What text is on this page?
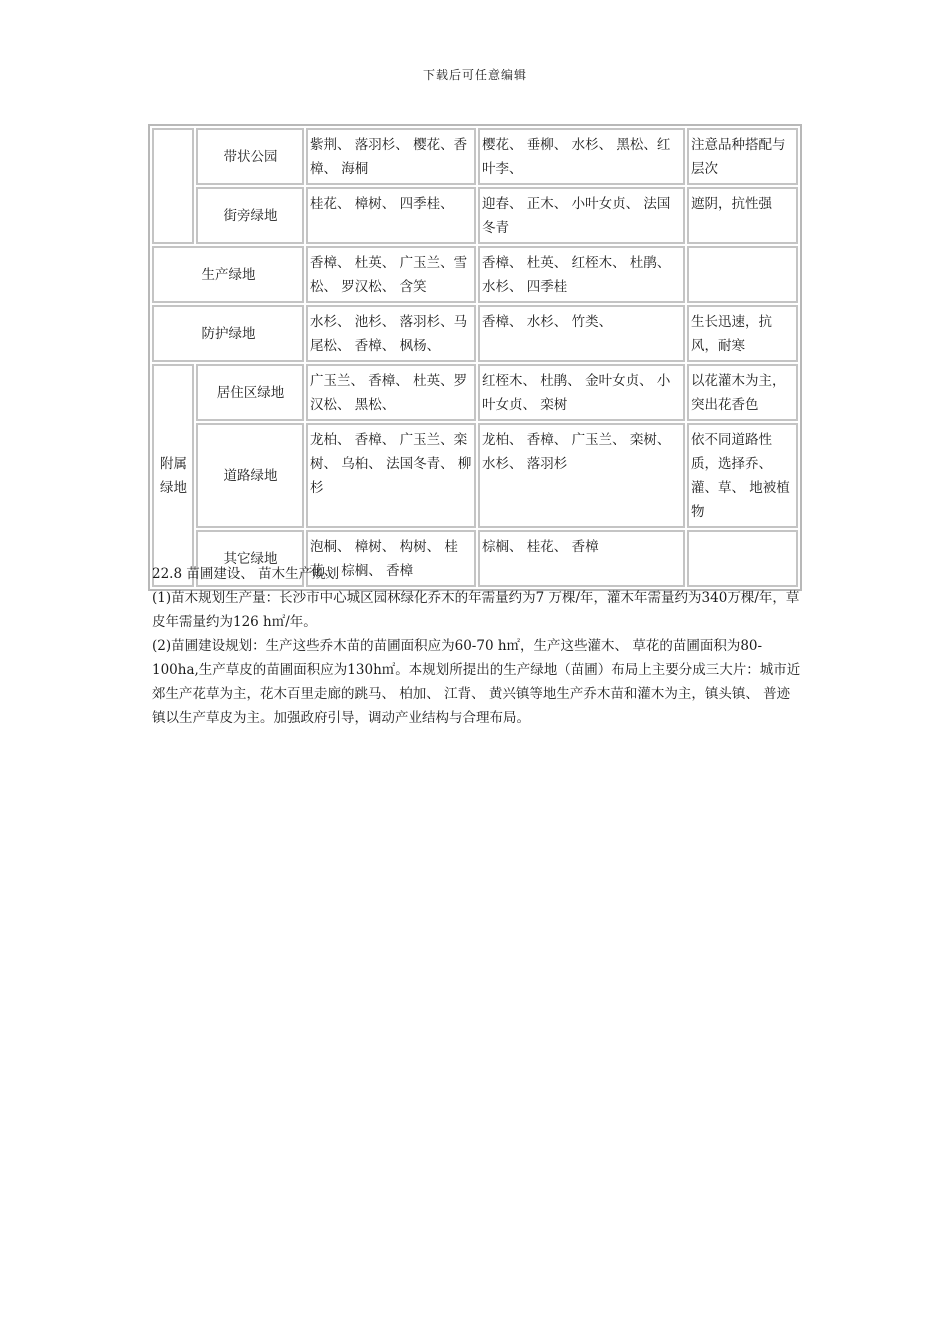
下载后可任意编辑
	带状公园	紫荆、 落羽杉、 樱花、香樟、 海桐	樱花、 垂柳、 水杉、 黑松、红叶李、	注意品种搭配与层次
	街旁绿地	桂花、 樟树、 四季桂、	迎春、 正木、 小叶女贞、 法国冬青	遮阴，抗性强
生产绿地		香樟、 杜英、 广玉兰、雪松、 罗汉松、 含笑	香樟、 杜英、 红桎木、 杜鹃、水杉、 四季桂	
防护绿地		水杉、 池杉、 落羽杉、马尾松、 香樟、 枫杨、	香樟、 水杉、 竹类、	生长迅速，抗风，耐寒
附属绿地	居住区绿地	广玉兰、 香樟、 杜英、罗汉松、 黑松、	红桎木、 杜鹃、 金叶女贞、 小叶女贞、 栾树	以花灌木为主，突出花香色
	道路绿地	龙柏、 香樟、 广玉兰、栾树、 乌桕、 法国冬青、 柳杉	龙柏、 香樟、 广玉兰、 栾树、水杉、 落羽杉	依不同道路性质，选择乔、 灌、草、 地被植物
	其它绿地	泡桐、 樟树、 构树、 桂花、 棕榈、 香樟	棕榈、 桂花、 香樟	

22.8 苗圃建设、 苗木生产规划

(1)苗木规划生产量：长沙市中心城区园林绿化乔木的年需量约为7 万棵/年，灌木年需量约为340万棵/年，草皮年需量约为126 h㎡/年。

(2)苗圃建设规划：生产这些乔木苗的苗圃面积应为60-70 h㎡，生产这些灌木、 草花的苗圃面积为80-100ha,生产草皮的苗圃面积应为130h㎡。本规划所提出的生产绿地（苗圃）布局上主要分成三大片：城市近郊生产花草为主，花木百里走廊的跳马、 柏加、 江背、 黄兴镇等地生产乔木苗和灌木为主，镇头镇、 普迹镇以生产草皮为主。加强政府引导，调动产业结构与合理布局。
